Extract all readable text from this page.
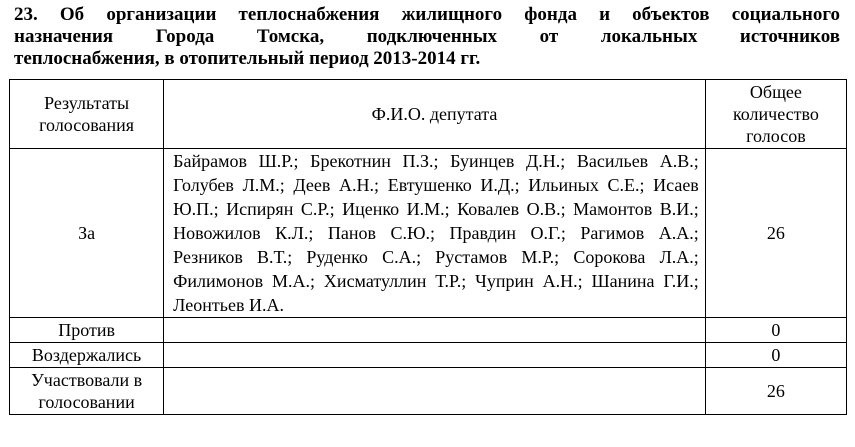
23. Об организации теплоснабжения жилищного фонда и объектов социального
назначения Города Томска, подключенных от локальных источников
теплоснабжения, в отопительный период 2013-2014 гг.
Результаты голосования	Ф.И.О. депутата	Общее количество голосов
За	Байрамов Ш.Р.; Брекотнин П.З.; Буинцев Д.Н.; Васильев А.В.; Голубев Л.М.; Деев А.Н.; Евтушенко И.Д.; Ильиных С.Е.; Исаев Ю.П.; Испирян С.Р.; Иценко И.М.; Ковалев О.В.; Мамонтов В.И.; Новожилов К.Л.; Панов С.Ю.; Правдин О.Г.; Рагимов А.А.; Резников В.Т.; Руденко С.А.; Рустамов М.Р.; Сорокова Л.А.; Филимонов М.А.; Хисматуллин Т.Р.; Чуприн А.Н.; Шанина Г.И.; Леонтьев И.А.	26
Против		0
Воздержались		0
Участвовали в голосовании		26
